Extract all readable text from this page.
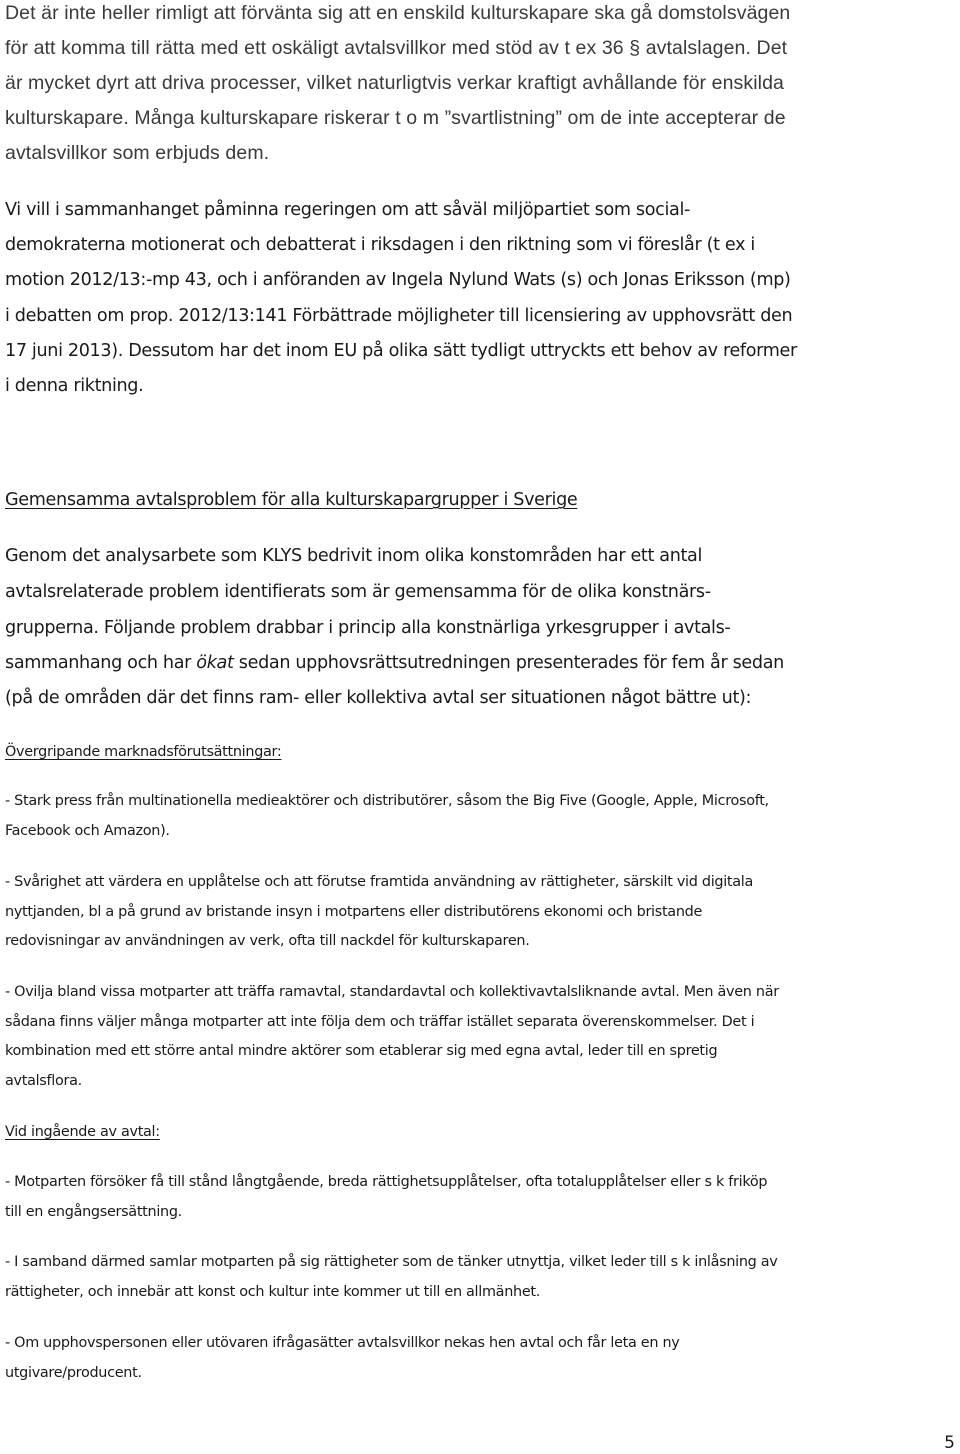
Det är inte heller rimligt att förvänta sig att en enskild kulturskapare ska gå domstolsvägen

för att komma till rätta med ett oskäligt avtalsvillkor med stöd av t ex 36 § avtalslagen. Det

är mycket dyrt att driva processer, vilket naturligtvis verkar kraftigt avhållande för enskilda

kulturskapare. Många kulturskapare riskerar t o m ”svartlistning” om de inte accepterar de

avtalsvillkor som erbjuds dem.

Vi vill i sammanhanget påminna regeringen om att såväl miljöpartiet som social-

demokraterna motionerat och debatterat i riksdagen i den riktning som vi föreslår (t ex i

motion 2012/13:-mp 43, och i anföranden av Ingela Nylund Wats (s) och Jonas Eriksson (mp)

i debatten om prop. 2012/13:141 Förbättrade möjligheter till licensiering av upphovsrätt den

17 juni 2013). Dessutom har det inom EU på olika sätt tydligt uttryckts ett behov av reformer

i denna riktning.

Gemensamma avtalsproblem för alla kulturskapargrupper i Sverige

Genom det analysarbete som KLYS bedrivit inom olika konstområden har ett antal

avtalsrelaterade problem identifierats som är gemensamma för de olika konstnärs-

grupperna. Följande problem drabbar i princip alla konstnärliga yrkesgrupper i avtals-

sammanhang och har ökat sedan upphovsrättsutredningen presenterades för fem år sedan

(på de områden där det finns ram- eller kollektiva avtal ser situationen något bättre ut):

Övergripande marknadsförutsättningar:

- Stark press från multinationella medieaktörer och distributörer, såsom the Big Five (Google, Apple, Microsoft,

Facebook och Amazon).

- Svårighet att värdera en upplåtelse och att förutse framtida användning av rättigheter, särskilt vid digitala

nyttjanden, bl a på grund av bristande insyn i motpartens eller distributörens ekonomi och bristande

redovisningar av användningen av verk, ofta till nackdel för kulturskaparen.

- Ovilja bland vissa motparter att träffa ramavtal, standardavtal och kollektivavtalsliknande avtal. Men även när

sådana finns väljer många motparter att inte följa dem och träffar istället separata överenskommelser. Det i

kombination med ett större antal mindre aktörer som etablerar sig med egna avtal, leder till en spretig

avtalsflora.

Vid ingående av avtal:

- Motparten försöker få till stånd långtgående, breda rättighetsupplåtelser, ofta totalupplåtelser eller s k friköp

till en engångsersättning.

- I samband därmed samlar motparten på sig rättigheter som de tänker utnyttja, vilket leder till s k inlåsning av

rättigheter, och innebär att konst och kultur inte kommer ut till en allmänhet.

- Om upphovspersonen eller utövaren ifrågasätter avtalsvillkor nekas hen avtal och får leta en ny

utgivare/producent.

5
